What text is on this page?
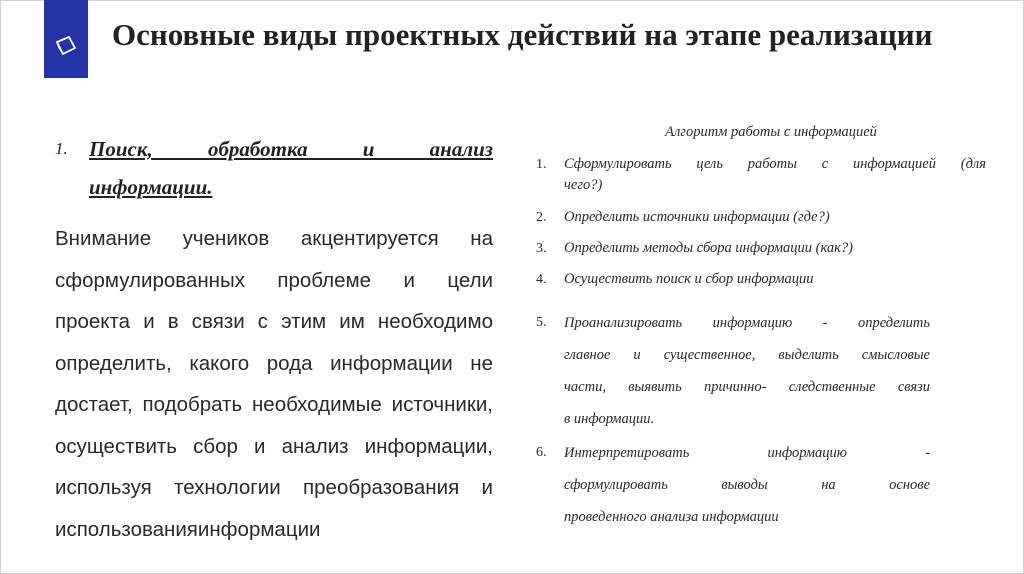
Основные виды проектных действий на этапе реализации
1.	Поиск, обработка и анализ
информации.
Внимание учеников акцентируется на
сформулированных проблеме и цели
проекта и в связи с этим им необходимо
определить, какого рода информации не
достает, подобрать необходимые источники,
осуществить сбор и анализ информации,
используя технологии преобразования и
использованияинформации
Алгоритм работы с информацией
1.	Сформулировать цель работы с информацией (для
чего?)
2.	Определить источники информации (где?)
3.	Определить методы сбора информации (как?)
4.	Осуществить поиск и сбор информации
5.	Проанализировать информацию - определить
главное и существенное, выделить смысловые
части, выявить причинно- следственные связи
в информации.
6.	Интерпретировать информацию -
сформулировать выводы на основе
проведенного анализа информации
